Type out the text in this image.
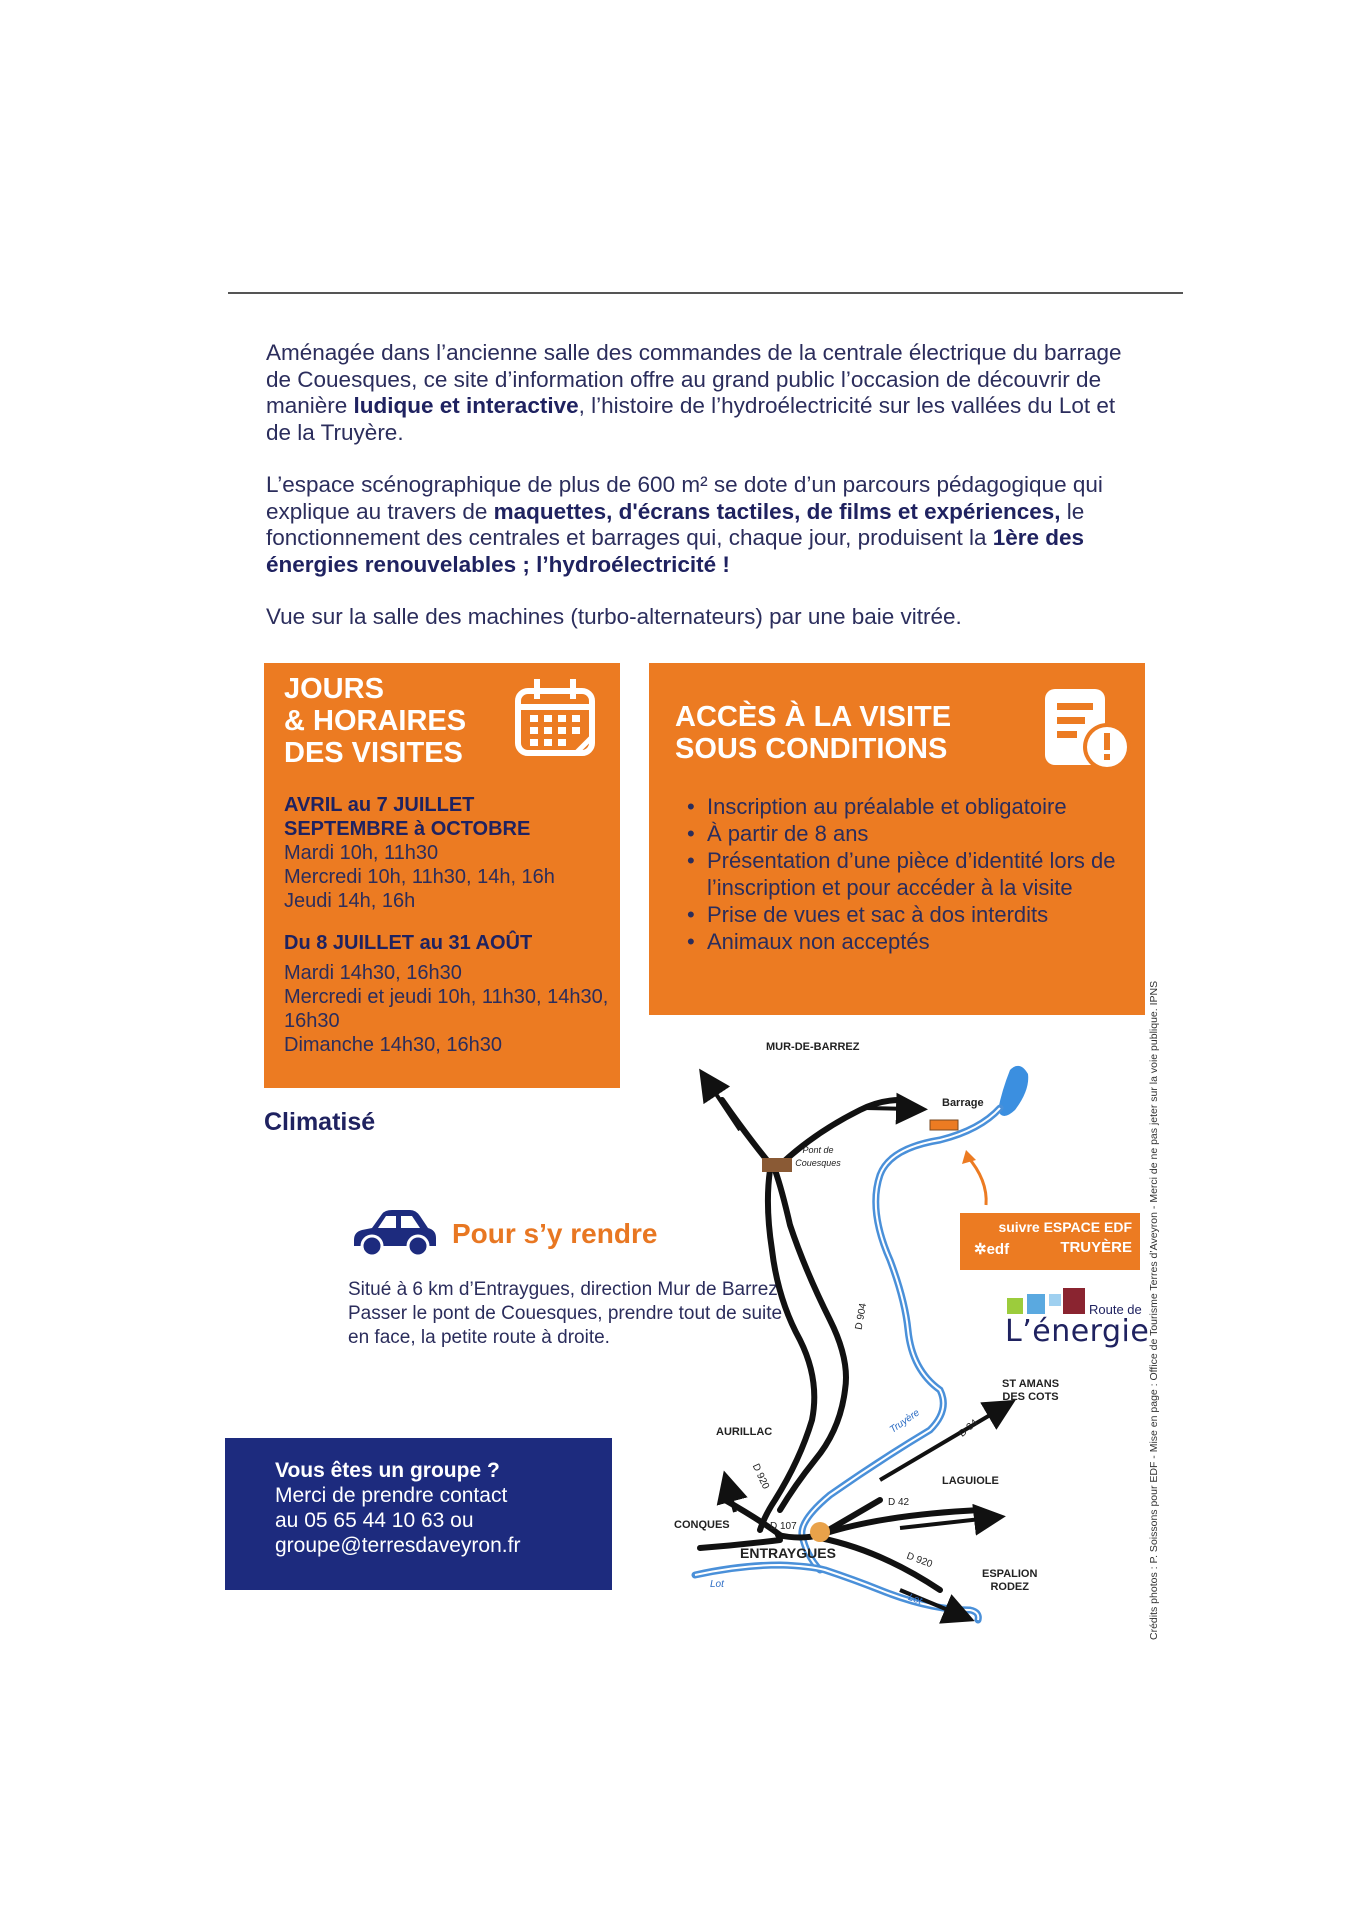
Aménagée dans l’ancienne salle des commandes de la centrale électrique du barrage de Couesques, ce site d’information offre au grand public l’occasion de découvrir de manière ludique et interactive, l’histoire de l’hydroélectricité sur les vallées du Lot et de la Truyère.

L’espace scénographique de plus de 600 m² se dote d’un parcours pédagogique qui explique au travers de maquettes, d'écrans tactiles, de films et expériences, le fonctionnement des centrales et barrages qui, chaque jour, produisent la 1ère des énergies renouvelables ; l’hydroélectricité !

Vue sur la salle des machines (turbo-alternateurs) par une baie vitrée.

JOURS
& HORAIRES
DES VISITES
AVRIL au 7 JUILLET
SEPTEMBRE à OCTOBRE
Mardi 10h, 11h30
Mercredi 10h, 11h30, 14h, 16h
Jeudi 14h, 16h
Du 8 JUILLET au 31 AOÛT
Mardi 14h30, 16h30
Mercredi et jeudi 10h, 11h30, 14h30, 16h30
Dimanche 14h30, 16h30
ACCÈS À LA VISITE
SOUS CONDITIONS
• Inscription au préalable et obligatoire
• À partir de 8 ans
• Présentation d’une pièce d’identité lors de l’inscription et pour accéder à la visite
• Prise de vues et sac à dos interdits
• Animaux non acceptés
Climatisé
Pour s’y rendre
Situé à 6 km d’Entraygues, direction Mur de Barrez. Passer le pont de Couesques, prendre tout de suite en face, la petite route à droite.
Vous êtes un groupe ?
Merci de prendre contact
au 05 65 44 10 63 ou
groupe@terresdaveyron.fr
MUR-DE-BARREZ
Barrage
Pont de
Couesques
AURILLAC
ST AMANS
DES COTS
LAGUIOLE
CONQUES
ENTRAYGUES
ESPALION
RODEZ
D 904
D 34
D 42
D 920
D 920
D 107
Truyère
Lot
Lot
suivre ESPACE EDF
✲edf	TRUYÈRE
Route de
L’énergie
Crédits photos : P. Soissons pour EDF - Mise en page : Office de Tourisme Terres d’Aveyron - Merci de ne pas jeter sur la voie publique. IPNS
